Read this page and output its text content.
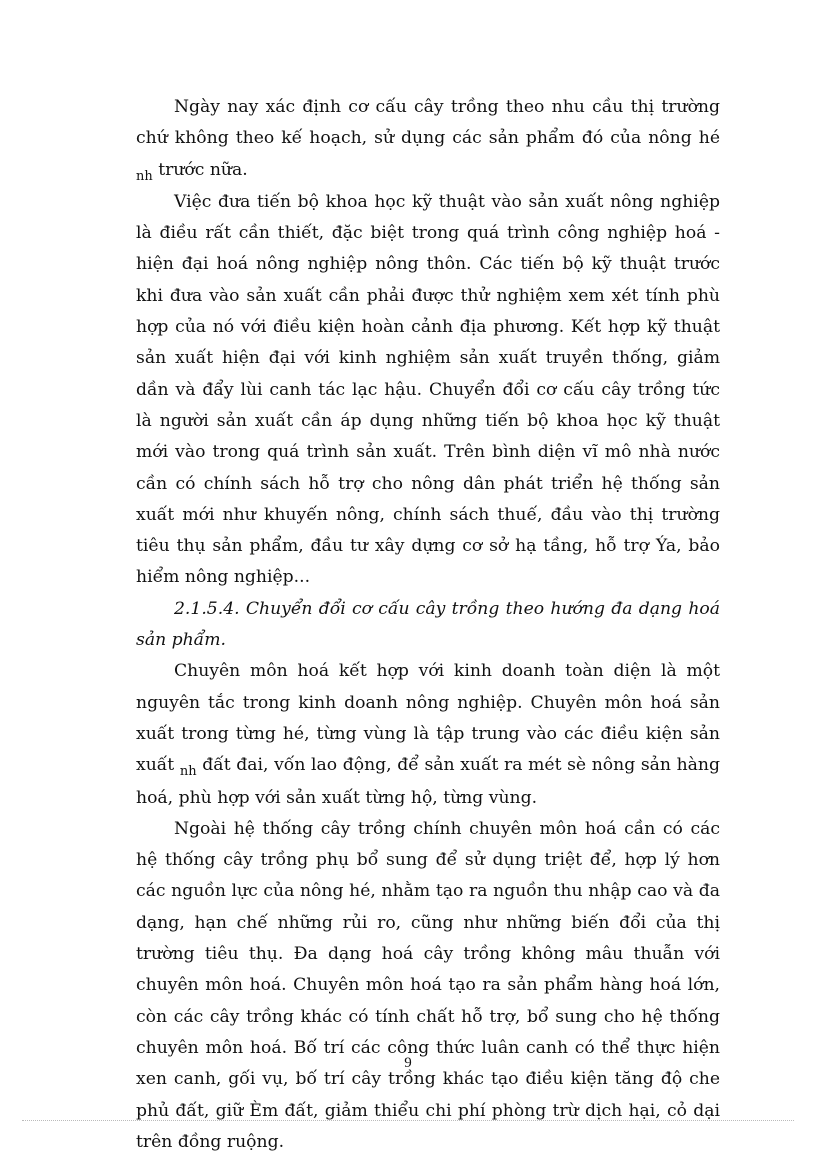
Ngày nay xác định cơ cấu cây trồng theo nhu cầu thị trường chứ không theo kế hoạch, sử dụng các sản phẩm đó của nông hé $_{nh}$ trước nữa.

Việc đưa tiến bộ khoa học kỹ thuật vào sản xuất nông nghiệp là điều rất cần thiết, đặc biệt trong quá trình công nghiệp hoá - hiện đại hoá nông nghiệp nông thôn. Các tiến bộ kỹ thuật trước khi đưa vào sản xuất cần phải được thử nghiệm xem xét tính phù hợp của nó với điều kiện hoàn cảnh địa phương. Kết hợp kỹ thuật sản xuất hiện đại với kinh nghiệm sản xuất truyền thống, giảm dần và đẩy lùi canh tác lạc hậu. Chuyển đổi cơ cấu cây trồng tức là người sản xuất cần áp dụng những tiến bộ khoa học kỹ thuật mới vào trong quá trình sản xuất. Trên bình diện vĩ mô nhà nước cần có chính sách hỗ trợ cho nông dân phát triển hệ thống sản xuất mới như khuyến nông, chính sách thuế, đầu vào thị trường tiêu thụ sản phẩm, đầu tư xây dựng cơ sở hạ tầng, hỗ trợ Ýa, bảo hiểm nông nghiệp...

2.1.5.4. Chuyển đổi cơ cấu cây trồng theo hướng đa dạng hoá sản phẩm.

Chuyên môn hoá kết hợp với kinh doanh toàn diện là một nguyên tắc trong kinh doanh nông nghiệp. Chuyên môn hoá sản xuất trong từng hé, từng vùng là tập trung vào các điều kiện sản xuất $_{nh}$ đất đai, vốn lao động, để sản xuất ra mét sè nông sản hàng hoá, phù hợp với sản xuất từng hộ, từng vùng.

Ngoài hệ thống cây trồng chính chuyên môn hoá cần có các hệ thống cây trồng phụ bổ sung để sử dụng triệt để, hợp lý hơn các nguồn lực của nông hé, nhằm tạo ra nguồn thu nhập cao và đa dạng, hạn chế những rủi ro, cũng như những biến đổi của thị trường tiêu thụ. Đa dạng hoá cây trồng không mâu thuẫn với chuyên môn hoá. Chuyên môn hoá tạo ra sản phẩm hàng hoá lớn, còn các cây trồng khác có tính chất hỗ trợ, bổ sung cho hệ thống chuyên môn hoá. Bố trí các công thức luân canh có thể thực hiện xen canh, gối vụ, bố trí cây trồng khác tạo điều kiện tăng độ che phủ đất, giữ Èm đất, giảm thiểu chi phí phòng trừ dịch hại, cỏ dại trên đồng ruộng.

9
